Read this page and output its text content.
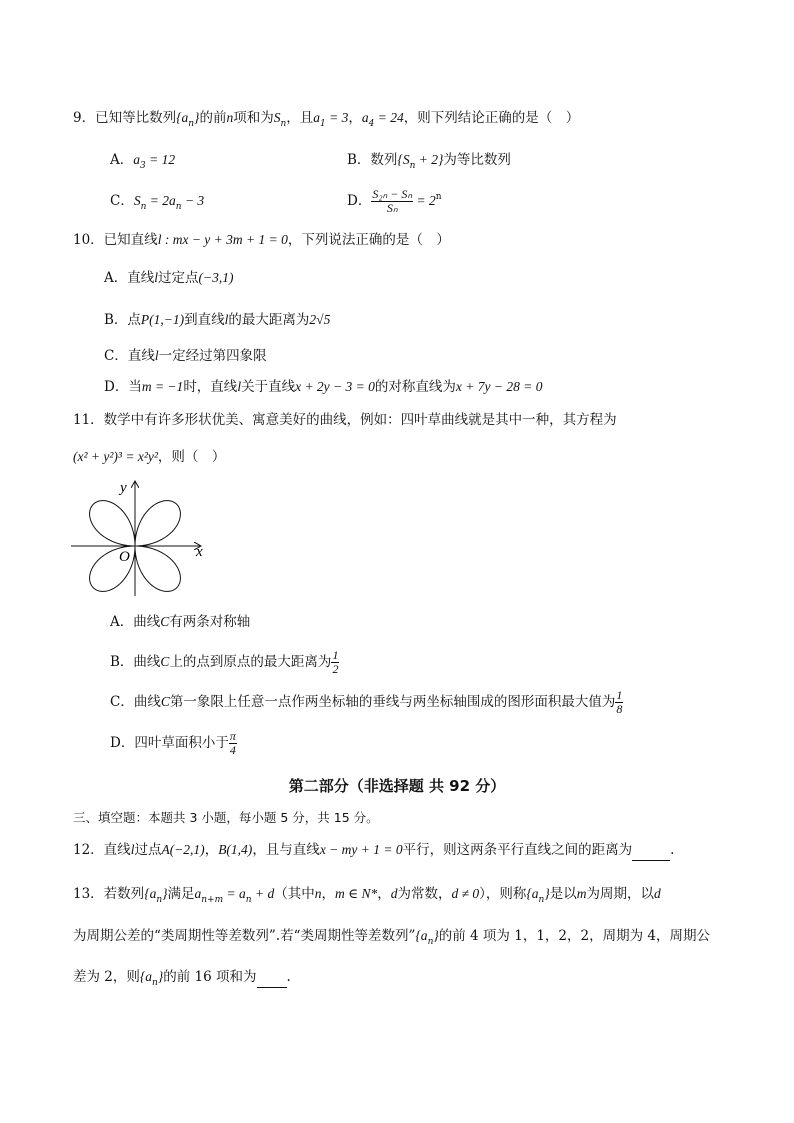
9．已知等比数列$\{a_n\}$的前n项和为$S_n$，且$a_1 = 3$，$a_4 = 24$，则下列结论正确的是（　）
A．$a_3 = 12$	B．数列$\{S_n + 2\}$为等比数列
C．$S_n = 2a_n - 3$	D． $\frac{\text{S₂ₙ − Sₙ}}{\text{Sₙ}} = 2^n$
10．已知直线l : mx − y + 3m + 1 = 0，下列说法正确的是（　）
A．直线l过定点(−3,1)
B．点P(1,−1)到直线l的最大距离为2√5
C．直线l一定经过第四象限
D．当m = −1时，直线l关于直线x + 2y − 3 = 0的对称直线为x + 7y − 28 = 0
11．数学中有许多形状优美、寓意美好的曲线，例如：四叶草曲线就是其中一种，其方程为
(x² + y²)³ = x²y²，则（　）
y
x
O
A．曲线C有两条对称轴
B．曲线C上的点到原点的最大距离为 $\frac{1}{2}$
C．曲线C第一象限上任意一点作两坐标轴的垂线与两坐标轴围成的图形面积最大值为 $\frac{1}{8}$
D．四叶草面积小于 $\frac{\pi}{4}$
第二部分（非选择题 共 92 分）
三、填空题：本题共 3 小题，每小题 5 分，共 15 分。
12．直线l过点A(−2,1)，B(1,4)，且与直线x − my + 1 = 0平行，则这两条平行直线之间的距离为	.
13．若数列$\{a_n\}$满足$a_{n+m} = a_n + d$（其中n，m ∈ N*，d为常数，d ≠ 0），则称$\{a_n\}$是以m为周期，以d
为周期公差的“类周期性等差数列”.若“类周期性等差数列$”\{a_n\}$的前 4 项为 1，1，2，2，周期为 4，周期公
差为 2，则$\{a_n\}$的前 16 项和为 .
